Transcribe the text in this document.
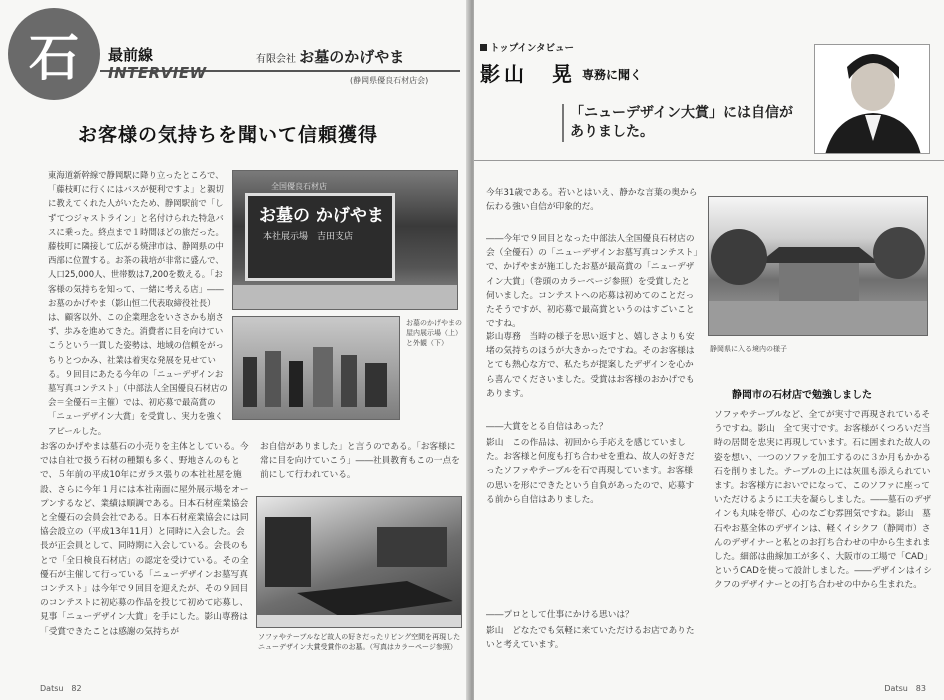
石	最前線
INTERVIEW
有限会社 お墓のかげやま
(静岡県優良石材店会)
お客様の気持ちを聞いて信頼獲得
東海道新幹線で静岡駅に降り立ったところで、「藤枝町に行くにはバスが便利ですよ」と親切に教えてくれた人がいたため、静岡駅前で「しずてつジャストライン」と名付けられた特急バスに乗った。終点まで１時間ほどの旅だった。藤枝町に隣接して広がる焼津市は、静岡県の中西部に位置する。お茶の栽培が非常に盛んで、人口25,000人、世帯数は7,200を数える。「お客様の気持ちを知って、一緒に考える店」――お墓のかげやま（影山恒二代表取締役社長）は、顧客以外、この企業理念をいささかも崩さず、歩みを進めてきた。消費者に目を向けていこうという一貫した姿勢は、地域の信頼をがっちりとつかみ、社業は着実な発展を見せている。９回目にあたる今年の「ニューデザインお墓写真コンテスト」（中部法人全国優良石材店の会＝全優石＝主催）では、初応募で最高賞の「ニューデザイン大賞」を受賞し、実力を強くアピールした。
全国優良石材店
お墓の かげやま
本社展示場　吉田支店
お墓のかげやまの屋内展示場（上）と外観（下）
お客のかげやまは墓石の小売りを主体としている。今では自社で扱う石材の種類も多く、野地さんのもとで、５年前の平成10年にガラス張りの本社社屋を施設、さらに今年１月には本社南面に屋外展示場をオープンするなど、業績は順調である。日本石材産業協会と全優石の会員会社である。日本石材産業協会には同協会設立の（平成13年11月）と同時に入会した。会長が正会員として、同時期に入会している。会長のもとで「全日検良石材店」の認定を受けている。その全優石が主催して行っている「ニューデザインお墓写真コンテスト」は今年で９回目を迎えたが、その９回目のコンテストに初応募の作品を投じて初めて応募し、見事「ニューデザイン大賞」を手にした。影山専務は「受賞できたことは感謝の気持ちが
お自信がありました」と言うのである。「お客様に常に目を向けていこう」――社員教育もこの一点を前にして行われている。
ソファやテーブルなど故人の好きだったリビング空間を再現したニューデザイン大賞受賞作のお墓。（写真はカラーページ参照）
Datsu　82
トップインタビュー
影山　晃 専務に聞く
「ニューデザイン大賞」には自信がありました。
今年31歳である。若いとはいえ、静かな言葉の奥から伝わる強い自信が印象的だ。
――今年で９回目となった中部法人全国優良石材店の会（全優石）の「ニューデザインお墓写真コンテスト」で、かげやまが施工したお墓が最高賞の「ニューデザイン大賞」（巻頭のカラーページ参照）を受賞したと伺いました。コンテストへの応募は初めてのことだったそうですが、初応募で最高賞というのはすごいことですね。
影山専務　当時の様子を思い返すと、嬉しさよりも安堵の気持ちのほうが大きかったですね。そのお客様はとても熱心な方で、私たちが提案したデザインを心から喜んでくださいました。受賞はお客様のおかげでもあります。
――大賞をとる自信はあった？
影山　この作品は、初回から手応えを感じていました。お客様と何度も打ち合わせを重ね、故人の好きだったソファやテーブルを石で再現しています。お客様の思いを形にできたという自負があったので、応募する前から自信はありました。
――プロとして仕事にかける思いは？
影山　どなたでも気軽に来ていただけるお店でありたいと考えています。
静岡県に入る境内の様子
静岡市の石材店で勉強しました
ソファやテーブルなど、全てが実寸で再現されているそうですね。影山　全て実寸です。お客様がくつろいだ当時の居間を忠実に再現しています。石に囲まれた故人の姿を想い、一つのソファを加工するのに３か月もかかる石を削りました。テーブルの上には灰皿も添えられています。お客様方においでになって、このソファに座っていただけるように工夫を凝らしました。――墓石のデザインも丸味を帯び、心のなごむ雰囲気ですね。影山　墓石やお墓全体のデザインは、軽くイシクフ（静岡市）さんのデザイナーと私とのお打ち合わせの中から生まれました。細部は曲線加工が多く、大阪市の工場で「CAD」というCADを使って設計しました。――デザインはイシクフのデザイナーとの打ち合わせの中から生まれた。
Datsu　83
